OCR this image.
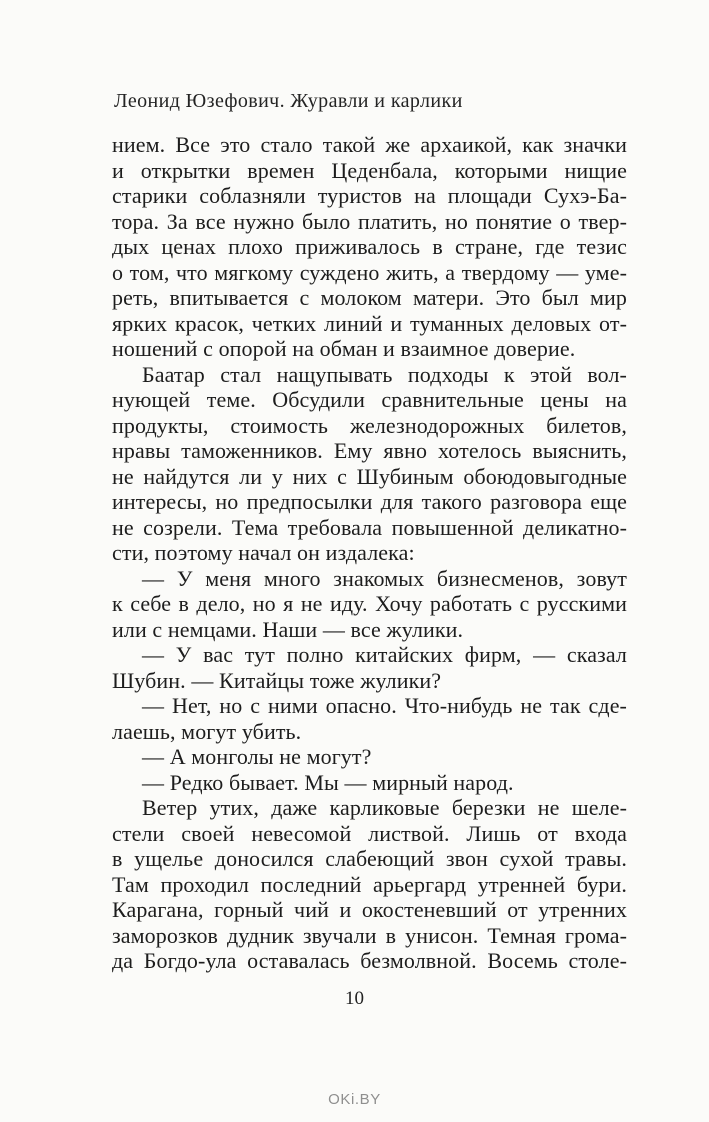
Леонид Юзефович. Журавли и карлики
нием. Все это стало такой же архаикой, как значки
и открытки времен Цеденбала, которыми нищие
старики соблазняли туристов на площади Сухэ-Ба-
тора. За все нужно было платить, но понятие о твер-
дых ценах плохо приживалось в стране, где тезис
о том, что мягкому суждено жить, а твердому — уме-
реть, впитывается с молоком матери. Это был мир
ярких красок, четких линий и туманных деловых от-
ношений с опорой на обман и взаимное доверие.
Баатар стал нащупывать подходы к этой вол-
нующей теме. Обсудили сравнительные цены на
продукты, стоимость железнодорожных билетов,
нравы таможенников. Ему явно хотелось выяснить,
не найдутся ли у них с Шубиным обоюдовыгодные
интересы, но предпосылки для такого разговора еще
не созрели. Тема требовала повышенной деликатно-
сти, поэтому начал он издалека:
— У меня много знакомых бизнесменов, зовут
к себе в дело, но я не иду. Хочу работать с русскими
или с немцами. Наши — все жулики.
— У вас тут полно китайских фирм, — сказал
Шубин. — Китайцы тоже жулики?
— Нет, но с ними опасно. Что-нибудь не так сде-
лаешь, могут убить.
— А монголы не могут?
— Редко бывает. Мы — мирный народ.
Ветер утих, даже карликовые березки не шеле-
стели своей невесомой листвой. Лишь от входа
в ущелье доносился слабеющий звон сухой травы.
Там проходил последний арьергард утренней бури.
Карагана, горный чий и окостеневший от утренних
заморозков дудник звучали в унисон. Темная грома-
да Богдо-ула оставалась безмолвной. Восемь столе-
10
OKi.BY
